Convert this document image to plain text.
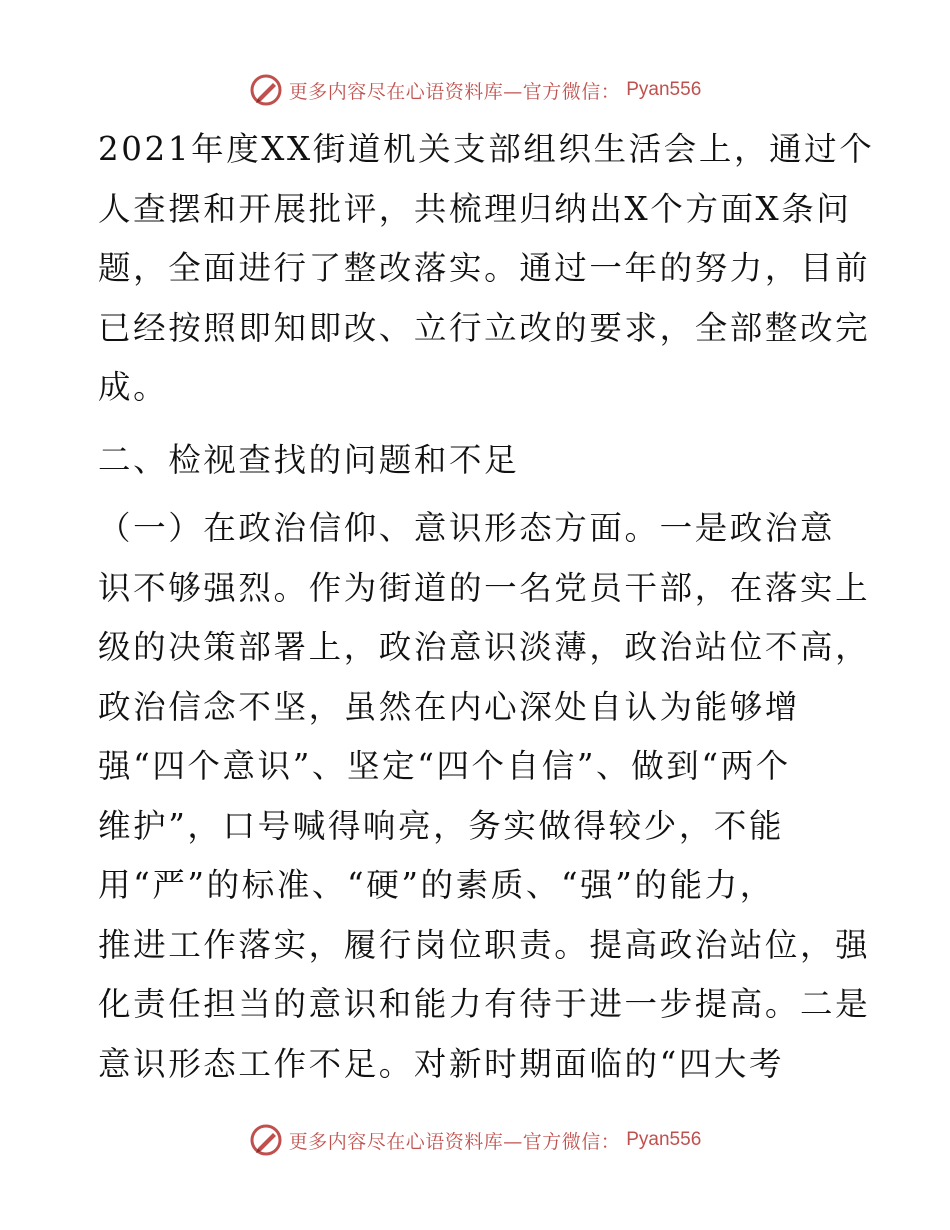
更多内容尽在心语资料库—官方微信： Pyan556
2021年度XX街道机关支部组织生活会上，通过个
人查摆和开展批评，共梳理归纳出X个方面X条问
题，全面进行了整改落实。通过一年的努力，目前
已经按照即知即改、立行立改的要求，全部整改完
成。
二、检视查找的问题和不足
（一）在政治信仰、意识形态方面。一是政治意
识不够强烈。作为街道的一名党员干部，在落实上
级的决策部署上，政治意识淡薄，政治站位不高，
政治信念不坚，虽然在内心深处自认为能够增
强“四个意识”、坚定“四个自信”、做到“两个
维护”，口号喊得响亮，务实做得较少，不能
用“严”的标准、“硬”的素质、“强”的能力，
推进工作落实，履行岗位职责。提高政治站位，强
化责任担当的意识和能力有待于进一步提高。二是
意识形态工作不足。对新时期面临的“四大考
更多内容尽在心语资料库—官方微信： Pyan556
